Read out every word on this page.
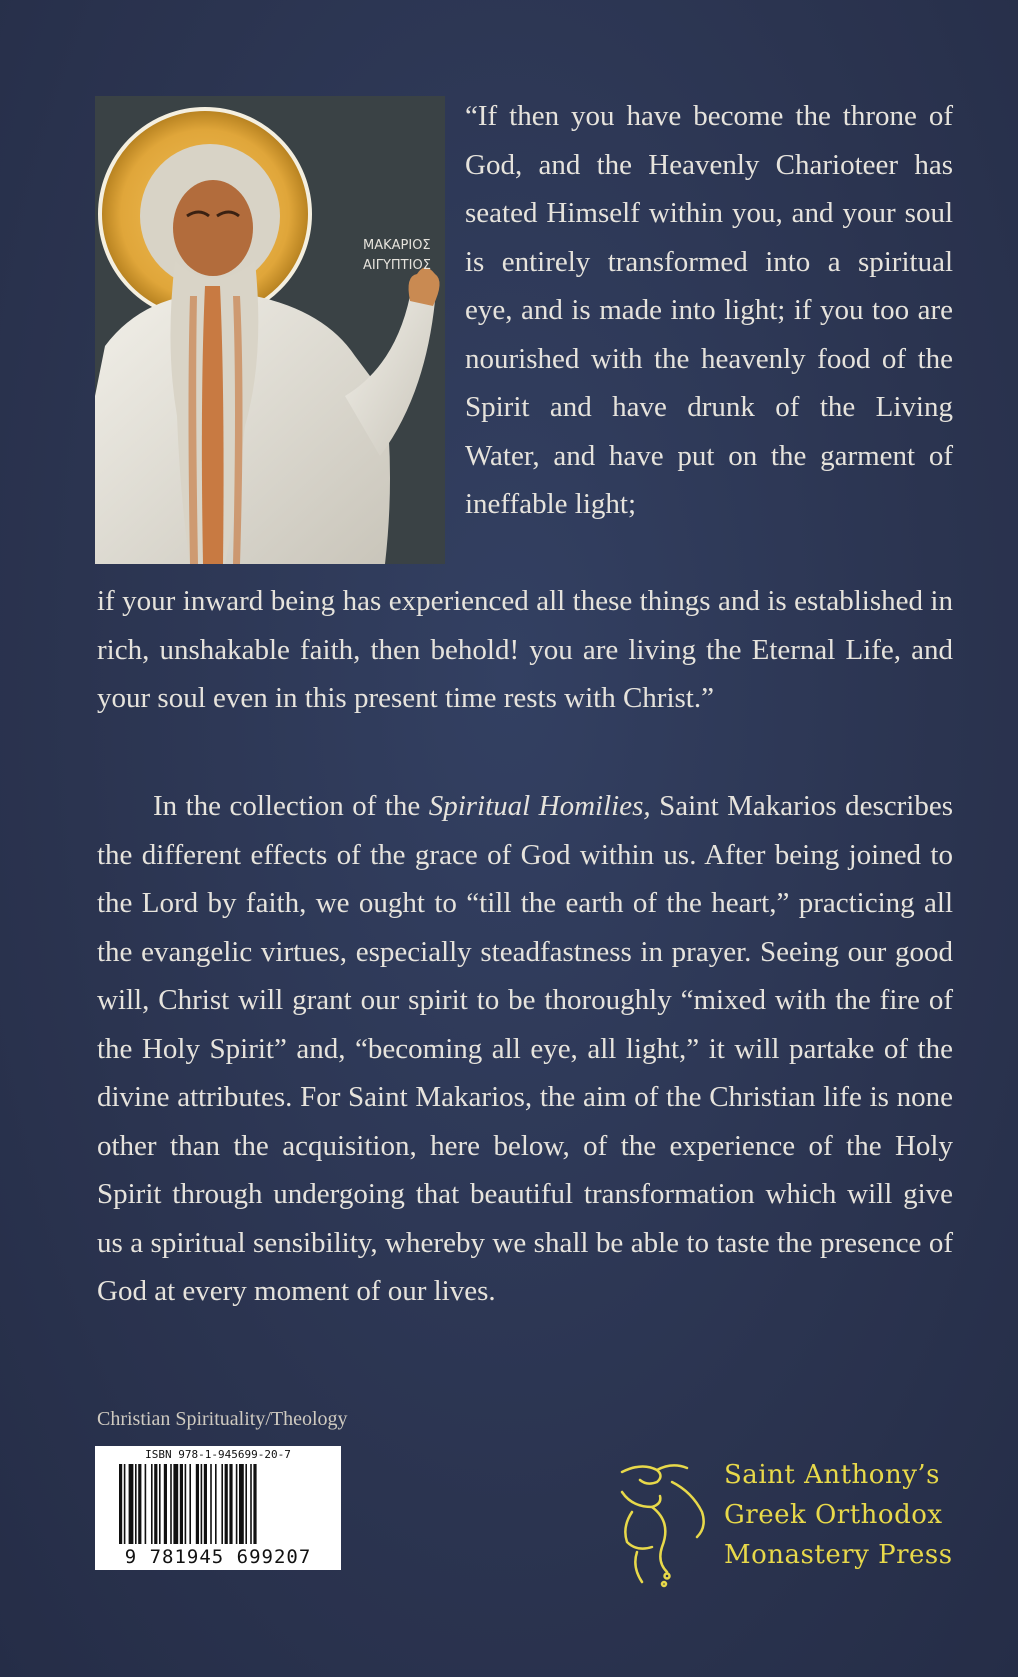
ΜΑΚΑΡΙΟΣ
ΑΙΓΥΠΤΙΟΣ
“If then you have become the throne of God, and the Heavenly Charioteer has seated Himself within you, and your soul is entirely transformed into a spiritual eye, and is made into light; if you too are nourished with the heavenly food of the Spirit and have drunk of the Living Water, and have put on the garment of ineffable light;
if your inward being has experienced all these things and is established in rich, unshakable faith, then behold! you are living the Eternal Life, and your soul even in this present time rests with Christ.”
In the collection of the Spiritual Homilies, Saint Makarios describes the different effects of the grace of God within us. After being joined to the Lord by faith, we ought to “till the earth of the heart,” practicing all the evangelic virtues, especially steadfastness in prayer. Seeing our good will, Christ will grant our spirit to be thoroughly “mixed with the fire of the Holy Spirit” and, “becoming all eye, all light,” it will partake of the divine attributes. For Saint Makarios, the aim of the Christian life is none other than the acquisition, here below, of the experience of the Holy Spirit through undergoing that beautiful transformation which will give us a spiritual sensibility, whereby we shall be able to taste the presence of God at every moment of our lives.
Christian Spirituality/Theology
ISBN 978-1-945699-20-7
9 781945 699207
Saint Anthony’s
Greek Orthodox
Monastery Press
